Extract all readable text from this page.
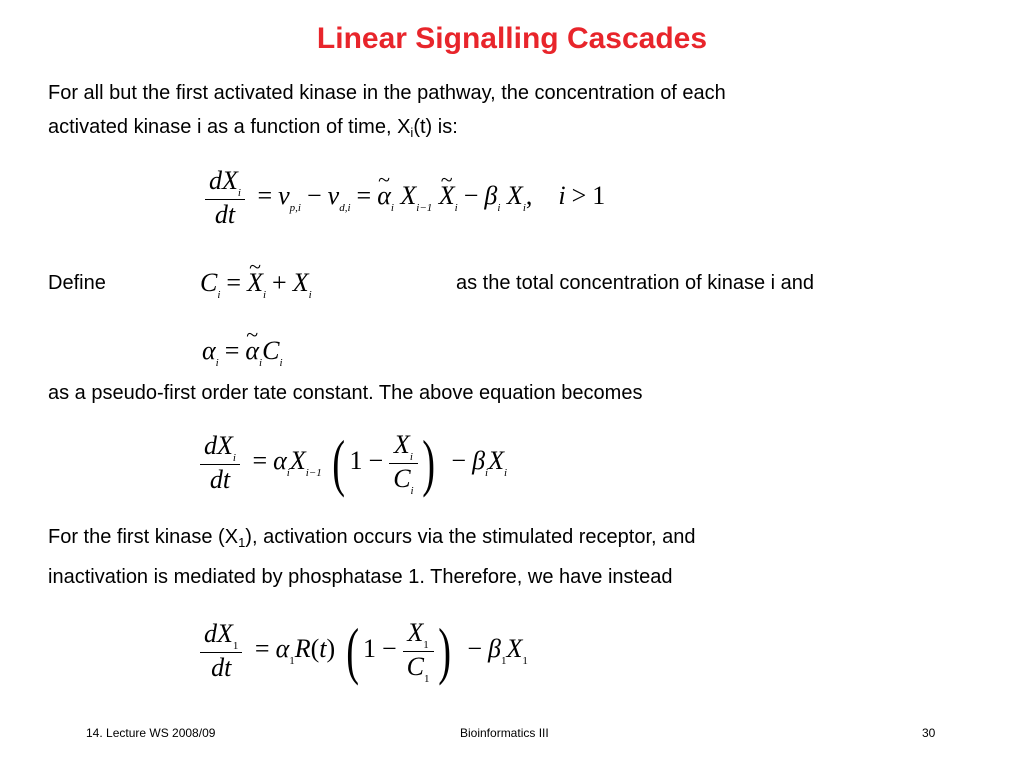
Linear Signalling Cascades
For all but the first activated kinase in the pathway, the concentration of each
activated kinase i as a function of time, $X_i(t)$ is:
$\frac{dX_i}{dt} = \nu_{p,i} - \nu_{d,i}$ = ~ $\alpha_i$ $X_{i-1}$ ~ $X_i - \beta_i$ $X_i$,    i > 1
Define	$C_i$ = ~ $X_i + X_i$
as the total concentration of kinase i and
$\alpha_i$ = ~ $\alpha_iC_i$
as a pseudo-first order tate constant. The above equation becomes
$\frac{dX_i}{dt} = \alpha_iX_{i-1}$ ( $1 - \frac{X_i}{C_i}$ ) − $\beta_iX_i$
For the first kinase $(X_1)$, activation occurs via the stimulated receptor, and
inactivation is mediated by phosphatase 1. Therefore, we have instead
$\frac{dX_1}{dt} = \alpha_1R(t)$ ( $1 - \frac{X_1}{C_1}$ ) − $\beta_1X_1$
14. Lecture WS 2008/09	Bioinformatics III	30
